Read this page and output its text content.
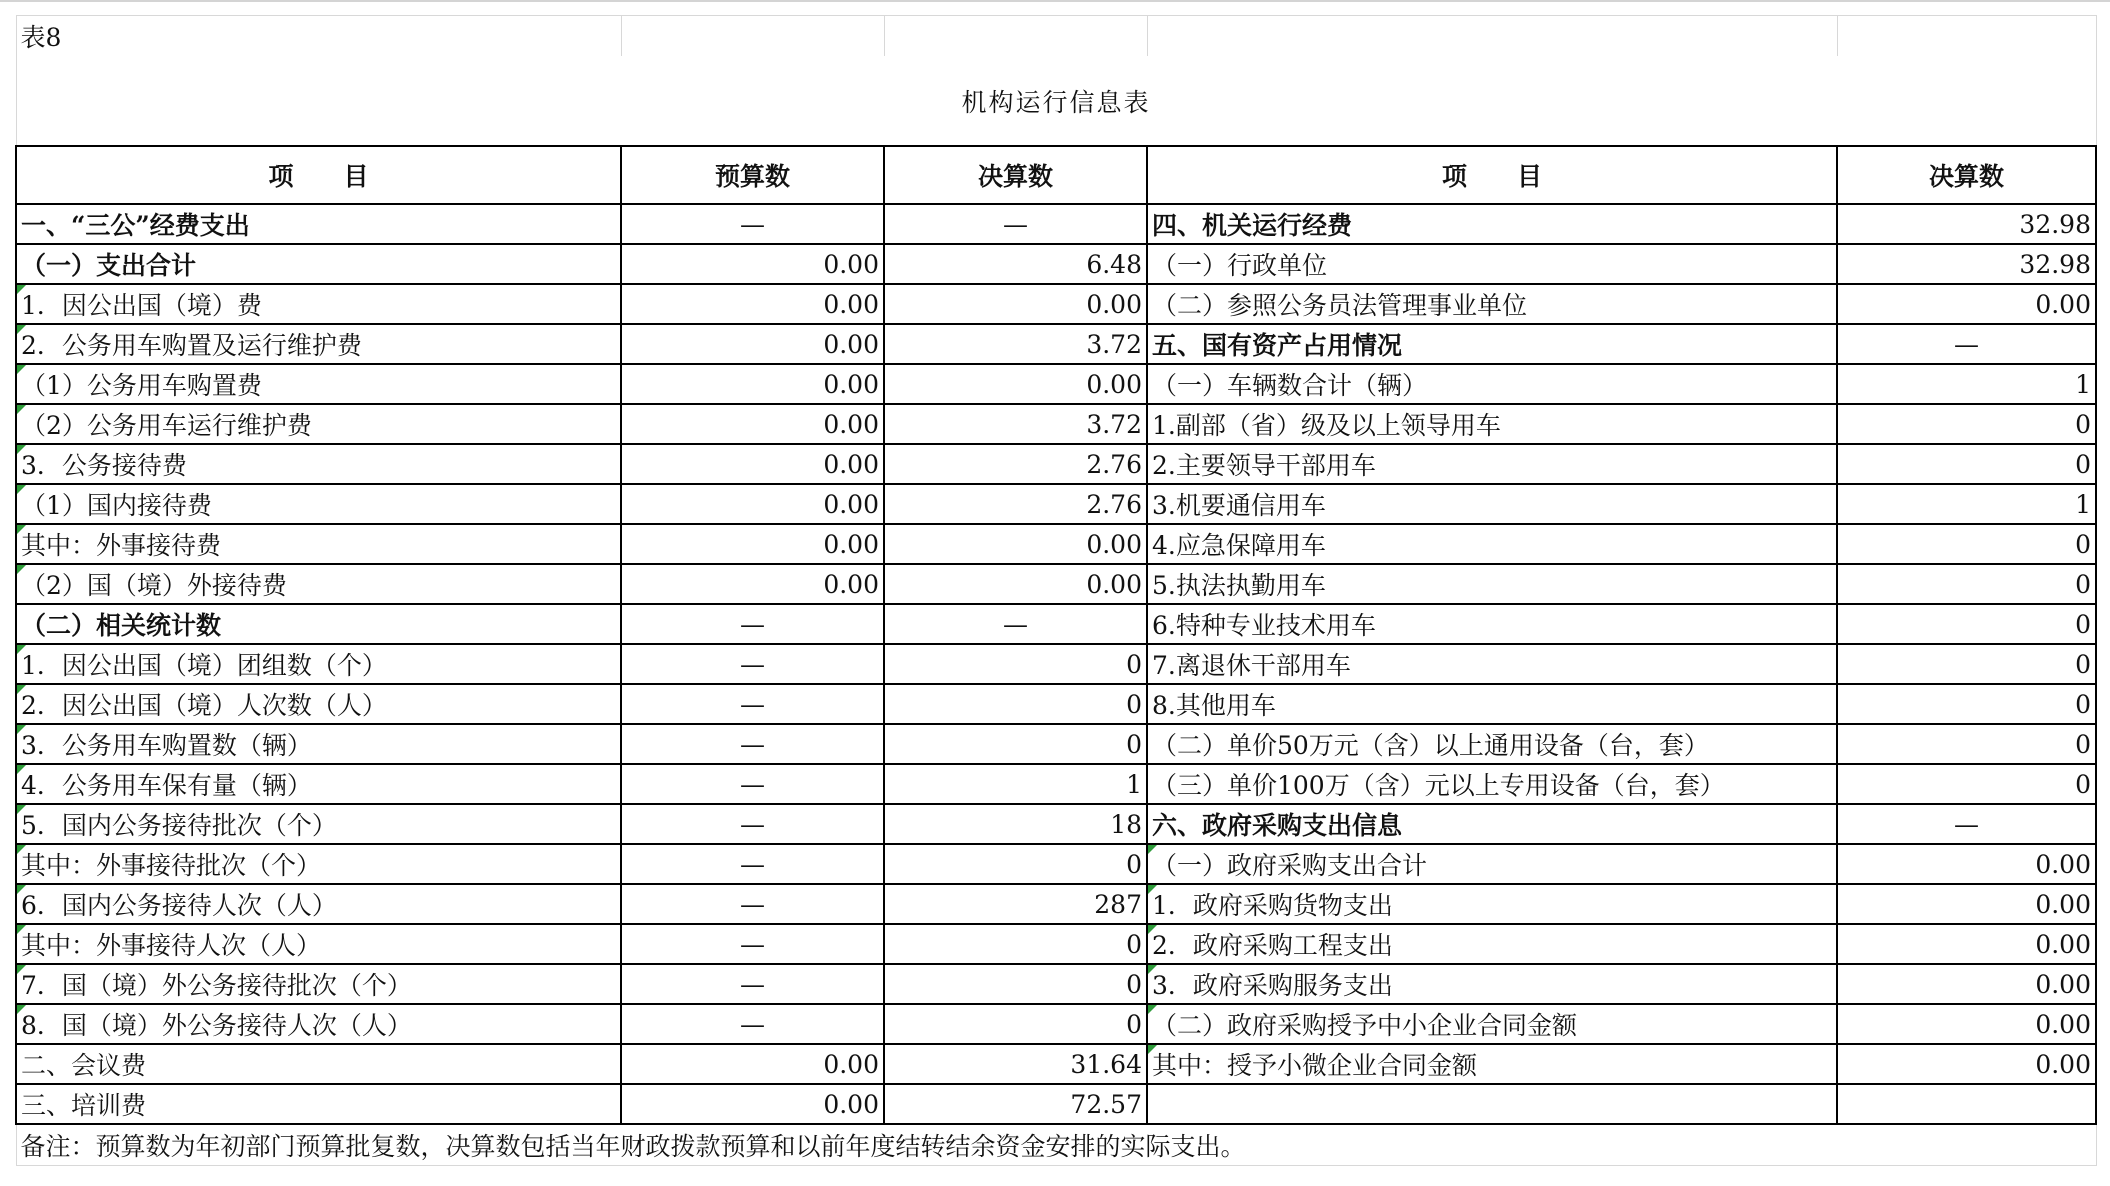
表8				
机构运行信息表				
项　　目	预算数	决算数	项　　目	决算数
一、“三公”经费支出	—	—	四、机关运行经费	32.98
（一）支出合计	0.00	6.48	（一）行政单位	32.98
1．因公出国（境）费	0.00	0.00	（二）参照公务员法管理事业单位	0.00
2．公务用车购置及运行维护费	0.00	3.72	五、国有资产占用情况	—
（1）公务用车购置费	0.00	0.00	（一）车辆数合计（辆）	1
（2）公务用车运行维护费	0.00	3.72	1.副部（省）级及以上领导用车	0
3．公务接待费	0.00	2.76	2.主要领导干部用车	0
（1）国内接待费	0.00	2.76	3.机要通信用车	1
其中：外事接待费	0.00	0.00	4.应急保障用车	0
（2）国（境）外接待费	0.00	0.00	5.执法执勤用车	0
（二）相关统计数	—	—	6.特种专业技术用车	0
1．因公出国（境）团组数（个）	—	0	7.离退休干部用车	0
2．因公出国（境）人次数（人）	—	0	8.其他用车	0
3．公务用车购置数（辆）	—	0	（二）单价50万元（含）以上通用设备（台，套）	0
4．公务用车保有量（辆）	—	1	（三）单价100万（含）元以上专用设备（台，套）	0
5．国内公务接待批次（个）	—	18	六、政府采购支出信息	—
其中：外事接待批次（个）	—	0	（一）政府采购支出合计	0.00
6．国内公务接待人次（人）	—	287	1．政府采购货物支出	0.00
其中：外事接待人次（人）	—	0	2．政府采购工程支出	0.00
7．国（境）外公务接待批次（个）	—	0	3．政府采购服务支出	0.00
8．国（境）外公务接待人次（人）	—	0	（二）政府采购授予中小企业合同金额	0.00
二、会议费	0.00	31.64	其中：授予小微企业合同金额	0.00
三、培训费	0.00	72.57		
备注：预算数为年初部门预算批复数，决算数包括当年财政拨款预算和以前年度结转结余资金安排的实际支出。				
